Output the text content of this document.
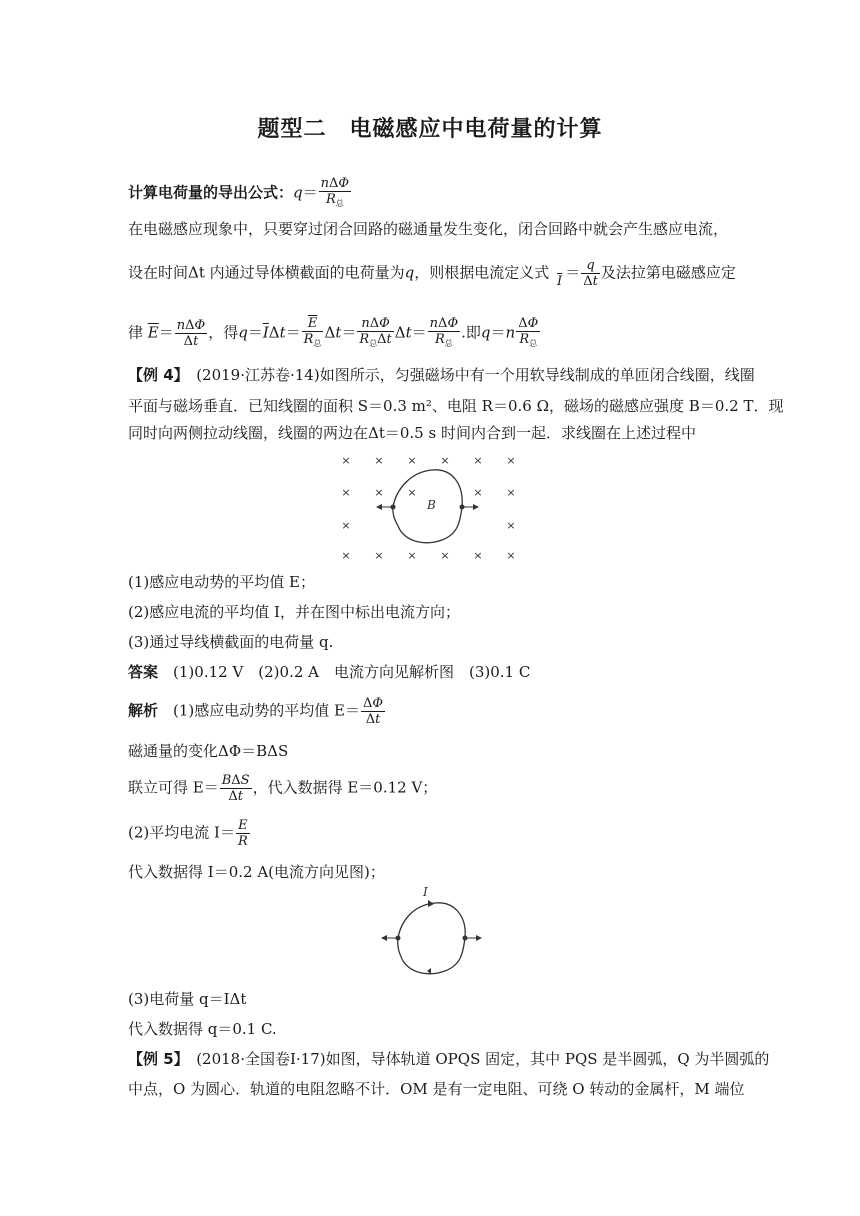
题型二　电磁感应中电荷量的计算
计算电荷量的导出公式：$q= \frac{\text{nΔΦ}}{R_总}$
在电磁感应现象中，只要穿过闭合回路的磁通量发生变化，闭合回路中就会产生感应电流，
设在时间Δt 内通过导体横截面的电荷量为q，则根据电流定义式
$\overline{I} = \frac{q}{\Delta t}$ 及法拉第电磁感应定
律 $\overline{E}= \frac{\text{nΔΦ}}{\Delta t}$ ，得$q=\overline{I}\Delta t= \frac{\overline{E}}{R_总} \Delta t= \frac{\text{nΔΦ}}{R_总\Delta t} \Delta t= \frac{\text{nΔΦ}}{R_总}$ .即$q=n \frac{\Delta\Phi}{R_总}$
【例 4】　 (2019·江苏卷·14)如图所示，匀强磁场中有一个用软导线制成的单匝闭合线圈，线圈
平面与磁场垂直．已知线圈的面积 S＝0.3 m²、电阻 R＝0.6 Ω，磁场的磁感应强度 B＝0.2 T．现
同时向两侧拉动线圈，线圈的两边在Δt＝0.5 s 时间内合到一起．求线圈在上述过程中
× × × × × ×
× × ×	× ×
×	×
× × × × × ×
B
(1)感应电动势的平均值 E；
(2)感应电流的平均值 I，并在图中标出电流方向；
(3)通过导线横截面的电荷量 q.
答案　 (1)0.12 V　(2)0.2 A　电流方向见解析图　(3)0.1 C
解析　 (1)感应电动势的平均值 $E= \frac{\Delta\Phi}{\Delta t}$
磁通量的变化ΔΦ＝BΔS
联立可得 $E= \frac{\text{BΔS}}{\Delta t}$ ，代入数据得 E＝0.12 V；
(2)平均电流 $I= \frac{E}{R}$
代入数据得 I＝0.2 A(电流方向见图)；
I
(3)电荷量 q＝IΔt
代入数据得 q＝0.1 C.
【例 5】　 (2018·全国卷Ⅰ·17)如图，导体轨道 OPQS 固定，其中 PQS 是半圆弧，Q 为半圆弧的
中点，O 为圆心．轨道的电阻忽略不计．OM 是有一定电阻、可绕 O 转动的金属杆，M 端位
